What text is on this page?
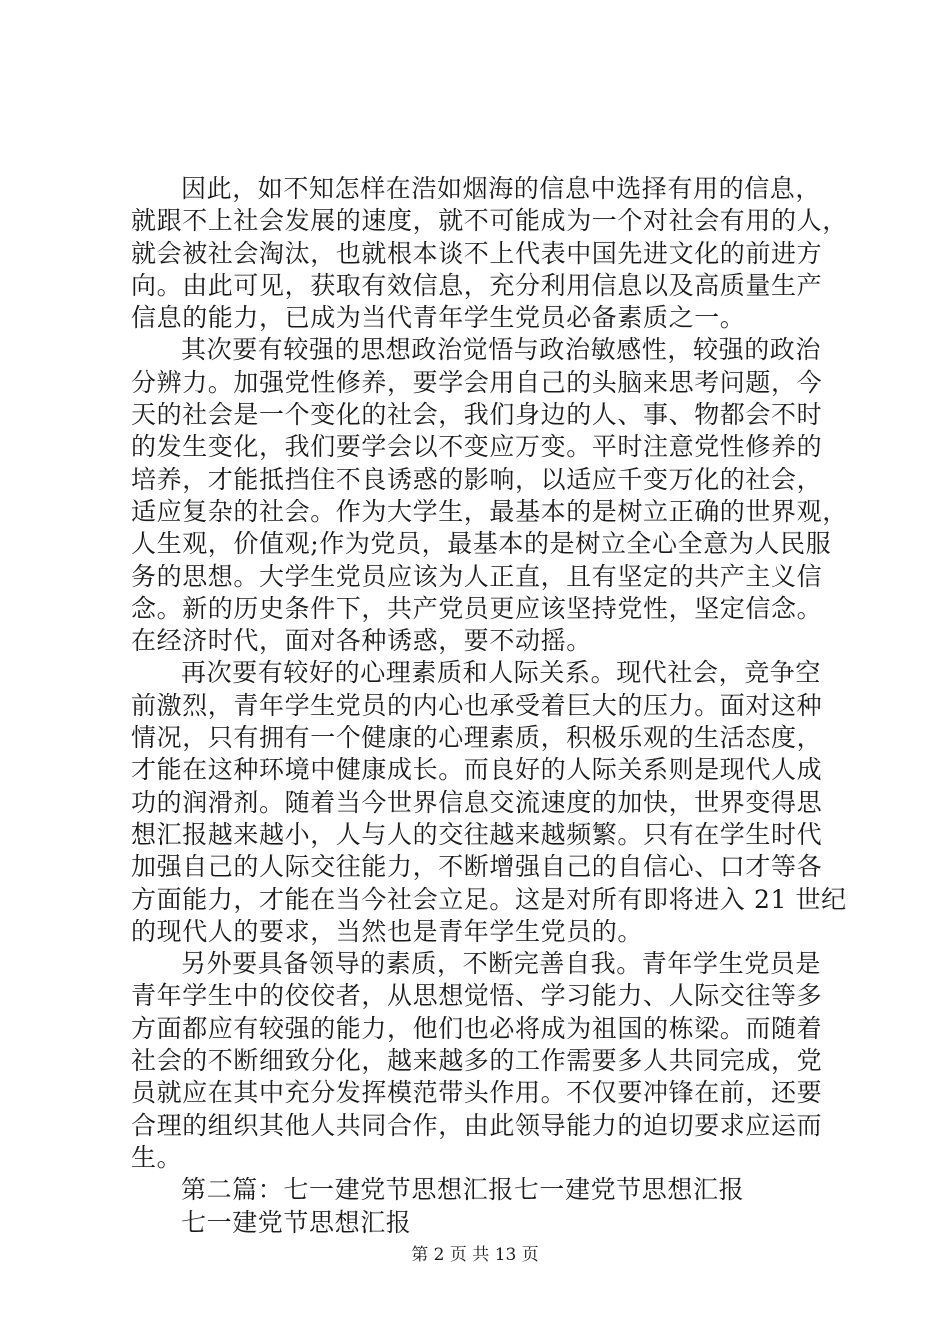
因此，如不知怎样在浩如烟海的信息中选择有用的信息，
就跟不上社会发展的速度，就不可能成为一个对社会有用的人，
就会被社会淘汰，也就根本谈不上代表中国先进文化的前进方
向。由此可见，获取有效信息，充分利用信息以及高质量生产
信息的能力，已成为当代青年学生党员必备素质之一。
其次要有较强的思想政治觉悟与政治敏感性，较强的政治
分辨力。加强党性修养，要学会用自己的头脑来思考问题，今
天的社会是一个变化的社会，我们身边的人、事、物都会不时
的发生变化，我们要学会以不变应万变。平时注意党性修养的
培养，才能抵挡住不良诱惑的影响，以适应千变万化的社会，
适应复杂的社会。作为大学生，最基本的是树立正确的世界观，
人生观，价值观;作为党员，最基本的是树立全心全意为人民服
务的思想。大学生党员应该为人正直，且有坚定的共产主义信
念。新的历史条件下，共产党员更应该坚持党性，坚定信念。
在经济时代，面对各种诱惑，要不动摇。
再次要有较好的心理素质和人际关系。现代社会，竞争空
前激烈，青年学生党员的内心也承受着巨大的压力。面对这种
情况，只有拥有一个健康的心理素质，积极乐观的生活态度，
才能在这种环境中健康成长。而良好的人际关系则是现代人成
功的润滑剂。随着当今世界信息交流速度的加快，世界变得思
想汇报越来越小，人与人的交往越来越频繁。只有在学生时代
加强自己的人际交往能力，不断增强自己的自信心、口才等各
方面能力，才能在当今社会立足。这是对所有即将进入 21 世纪
的现代人的要求，当然也是青年学生党员的。
另外要具备领导的素质，不断完善自我。青年学生党员是
青年学生中的佼佼者，从思想觉悟、学习能力、人际交往等多
方面都应有较强的能力，他们也必将成为祖国的栋梁。而随着
社会的不断细致分化，越来越多的工作需要多人共同完成，党
员就应在其中充分发挥模范带头作用。不仅要冲锋在前，还要
合理的组织其他人共同合作，由此领导能力的迫切要求应运而
生。
第二篇：七一建党节思想汇报七一建党节思想汇报
七一建党节思想汇报
第 2 页 共 13 页
